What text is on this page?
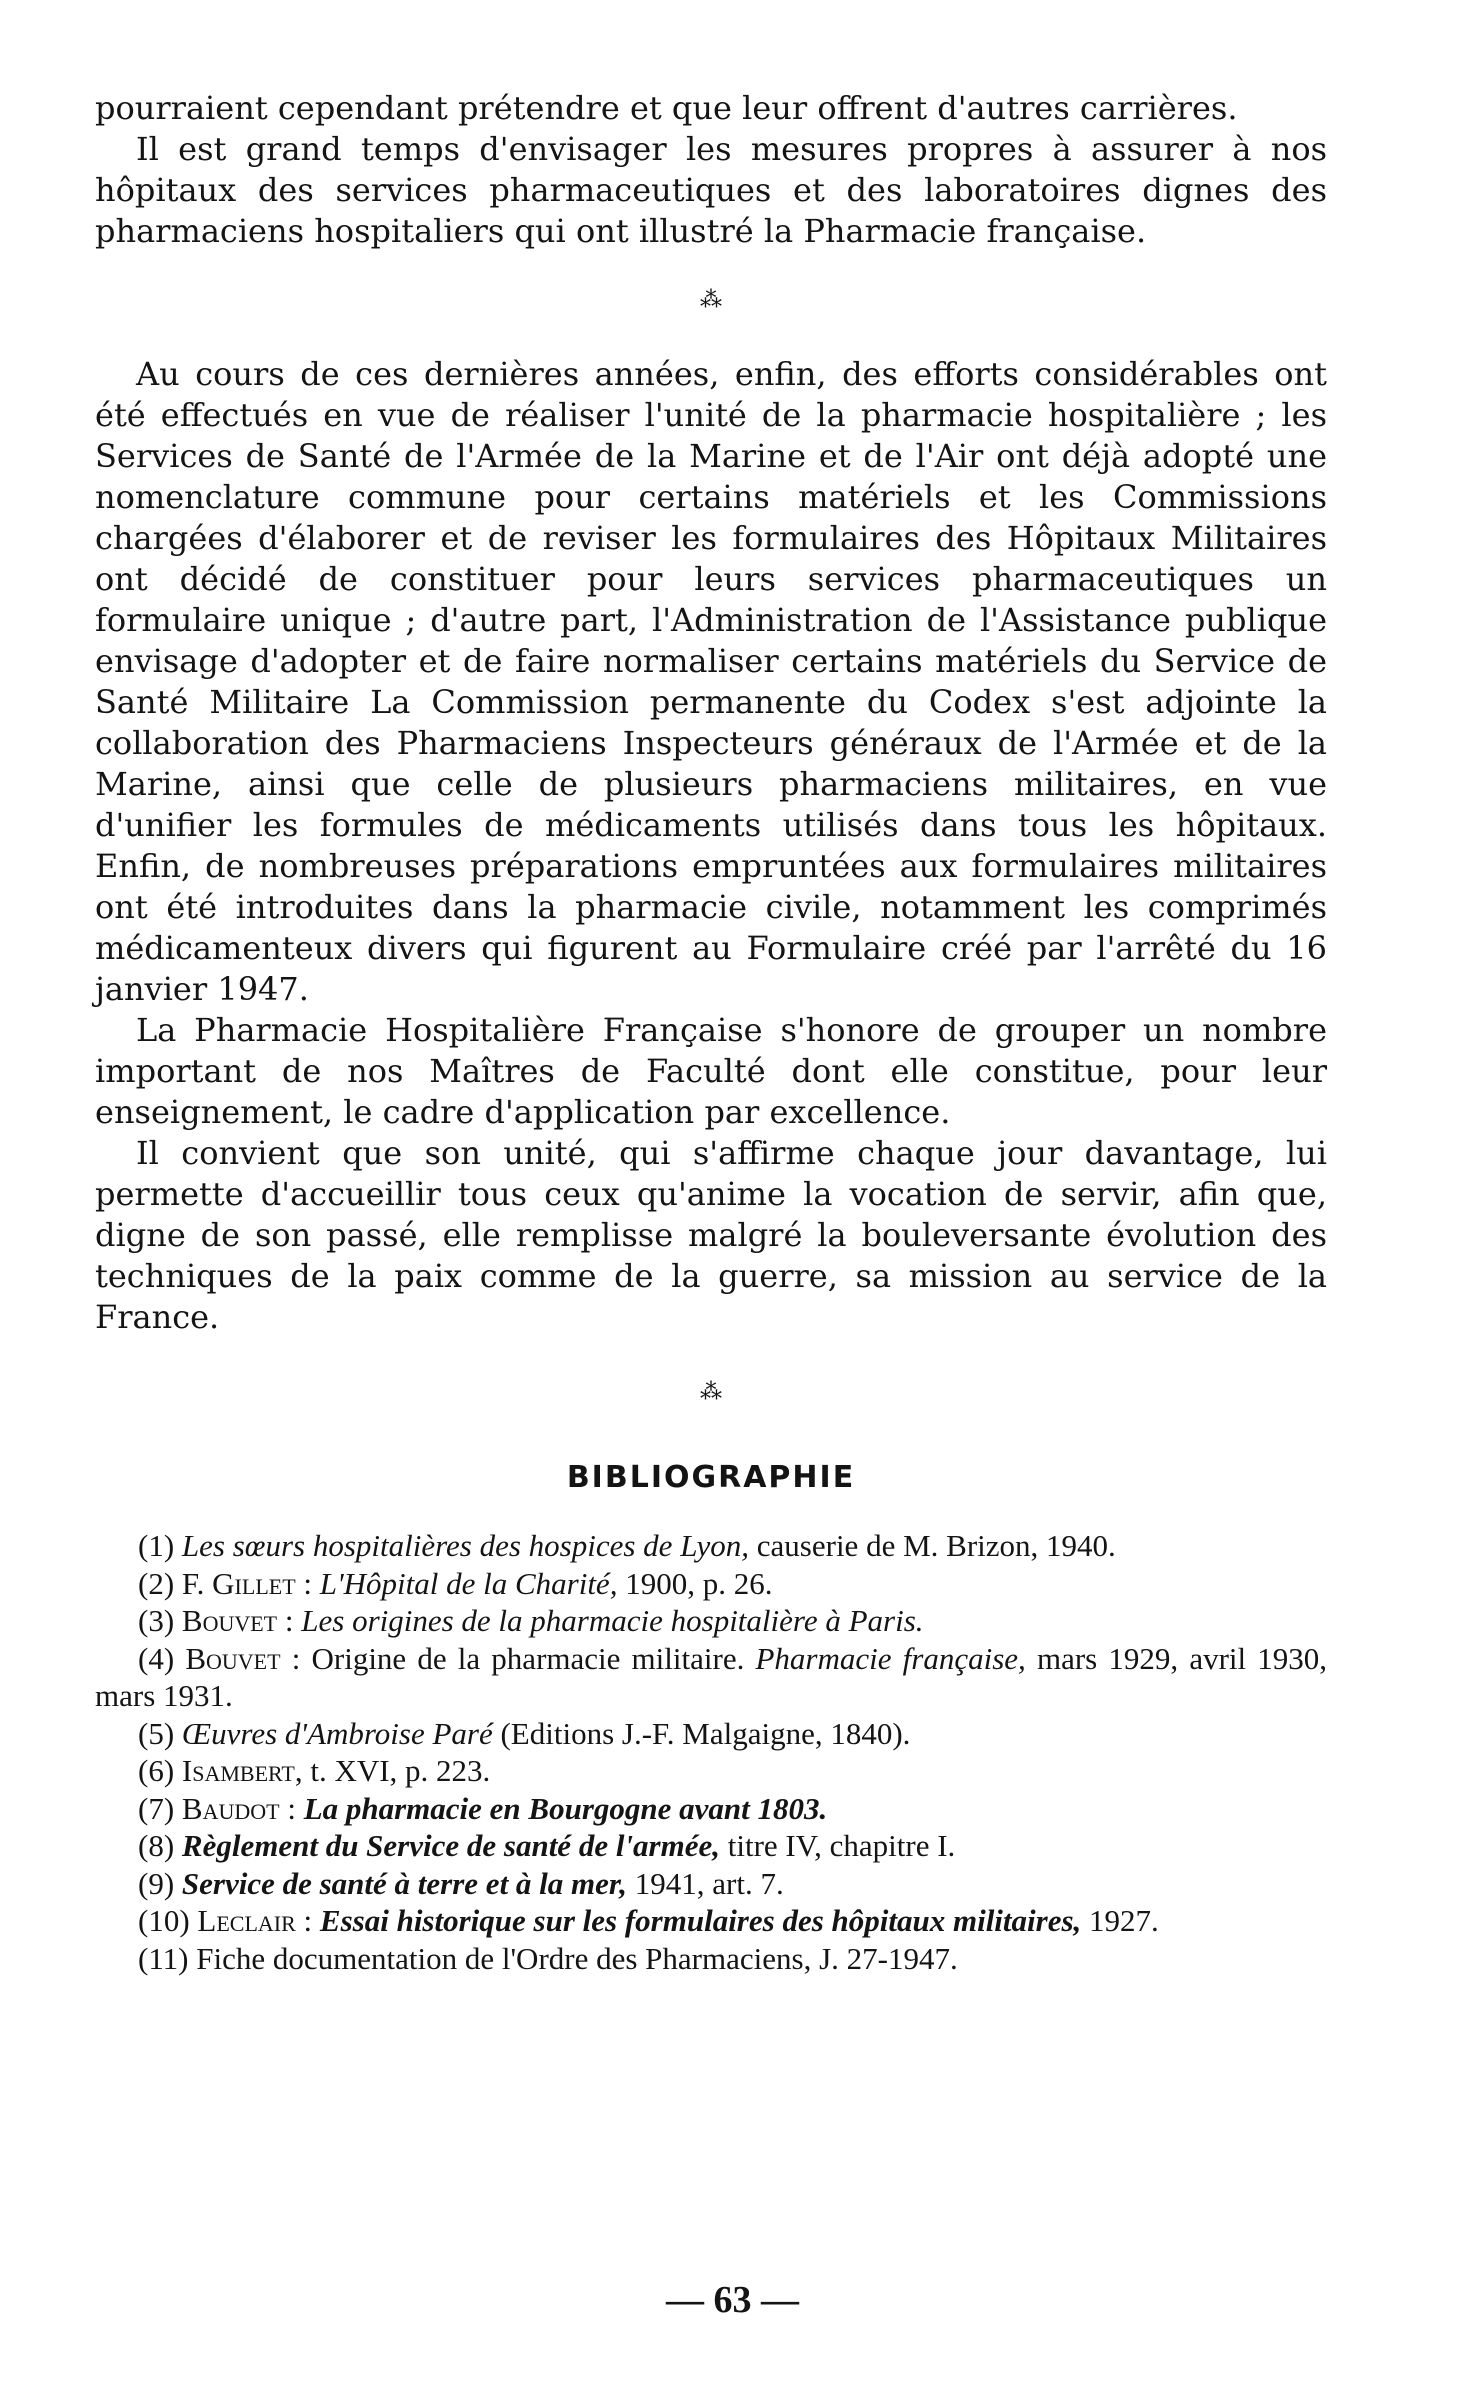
pourraient cependant prétendre et que leur offrent d'autres carrières.

Il est grand temps d'envisager les mesures propres à assurer à nos hôpitaux des services pharmaceutiques et des laboratoires dignes des pharmaciens hospitaliers qui ont illustré la Pharmacie française.

⁂

Au cours de ces dernières années, enfin, des efforts considérables ont été effectués en vue de réaliser l'unité de la pharmacie hospitalière ; les Services de Santé de l'Armée de la Marine et de l'Air ont déjà adopté une nomenclature commune pour certains matériels et les Commissions chargées d'élaborer et de reviser les formulaires des Hôpitaux Militaires ont décidé de constituer pour leurs services pharmaceutiques un formulaire unique ; d'autre part, l'Administration de l'Assistance publique envisage d'adopter et de faire normaliser certains matériels du Service de Santé Militaire La Commission permanente du Codex s'est adjointe la collaboration des Pharmaciens Inspecteurs généraux de l'Armée et de la Marine, ainsi que celle de plusieurs pharmaciens militaires, en vue d'unifier les formules de médicaments utilisés dans tous les hôpitaux. Enfin, de nombreuses préparations empruntées aux formulaires militaires ont été introduites dans la pharmacie civile, notamment les comprimés médicamenteux divers qui figurent au Formulaire créé par l'arrêté du 16 janvier 1947.

La Pharmacie Hospitalière Française s'honore de grouper un nombre important de nos Maîtres de Faculté dont elle constitue, pour leur enseignement, le cadre d'application par excellence.

Il convient que son unité, qui s'affirme chaque jour davantage, lui permette d'accueillir tous ceux qu'anime la vocation de servir, afin que, digne de son passé, elle remplisse malgré la bouleversante évolution des techniques de la paix comme de la guerre, sa mission au service de la France.

⁂
BIBLIOGRAPHIE
(1) Les sœurs hospitalières des hospices de Lyon, causerie de M. Brizon, 1940.
(2) F. Gillet : L'Hôpital de la Charité, 1900, p. 26.
(3) Bouvet : Les origines de la pharmacie hospitalière à Paris.
(4) Bouvet : Origine de la pharmacie militaire. Pharmacie française, mars 1929, avril 1930, mars 1931.
(5) Œuvres d'Ambroise Paré (Editions J.-F. Malgaigne, 1840).
(6) Isambert, t. XVI, p. 223.
(7) Baudot : La pharmacie en Bourgogne avant 1803.
(8) Règlement du Service de santé de l'armée, titre IV, chapitre I.
(9) Service de santé à terre et à la mer, 1941, art. 7.
(10) Leclair : Essai historique sur les formulaires des hôpitaux militaires, 1927.
(11) Fiche documentation de l'Ordre des Pharmaciens, J. 27-1947.
— 63 —
